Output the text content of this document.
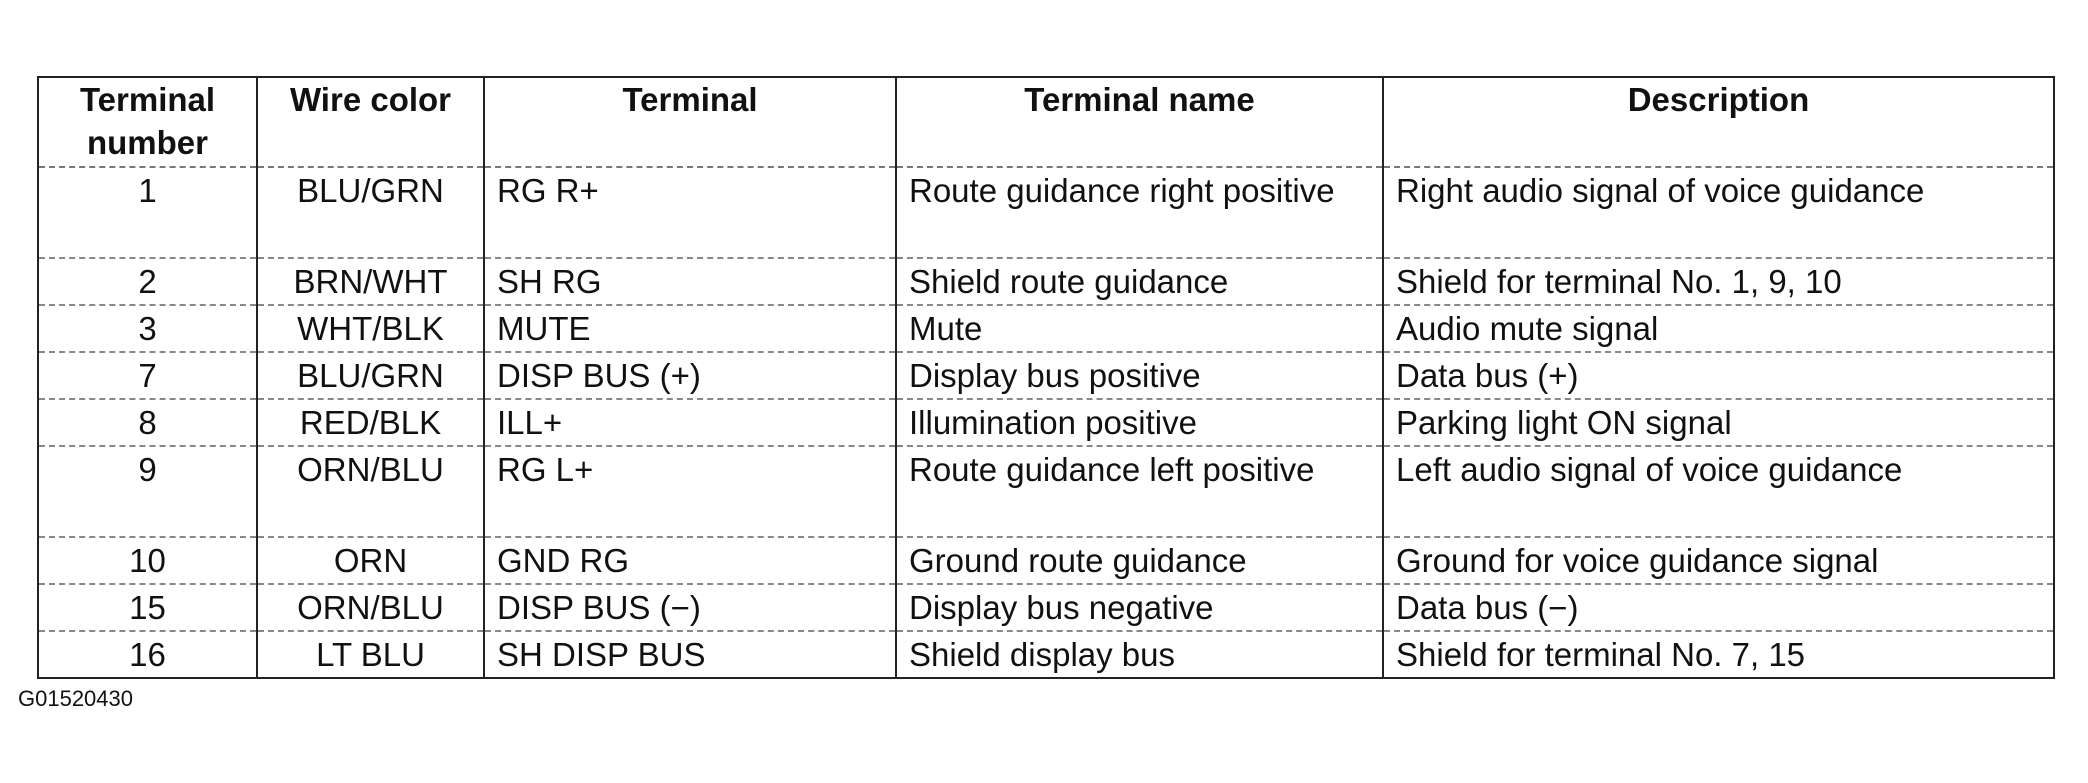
Terminal number	Wire color	Terminal	Terminal name	Description
1	BLU/GRN	RG R+	Route guidance right positive	Right audio signal of voice guidance
2	BRN/WHT	SH RG	Shield route guidance	Shield for terminal No. 1, 9, 10
3	WHT/BLK	MUTE	Mute	Audio mute signal
7	BLU/GRN	DISP BUS (+)	Display bus positive	Data bus (+)
8	RED/BLK	ILL+	Illumination positive	Parking light ON signal
9	ORN/BLU	RG L+	Route guidance left positive	Left audio signal of voice guidance
10	ORN	GND RG	Ground route guidance	Ground for voice guidance signal
15	ORN/BLU	DISP BUS (−)	Display bus negative	Data bus (−)
16	LT BLU	SH DISP BUS	Shield display bus	Shield for terminal No. 7, 15
G01520430
